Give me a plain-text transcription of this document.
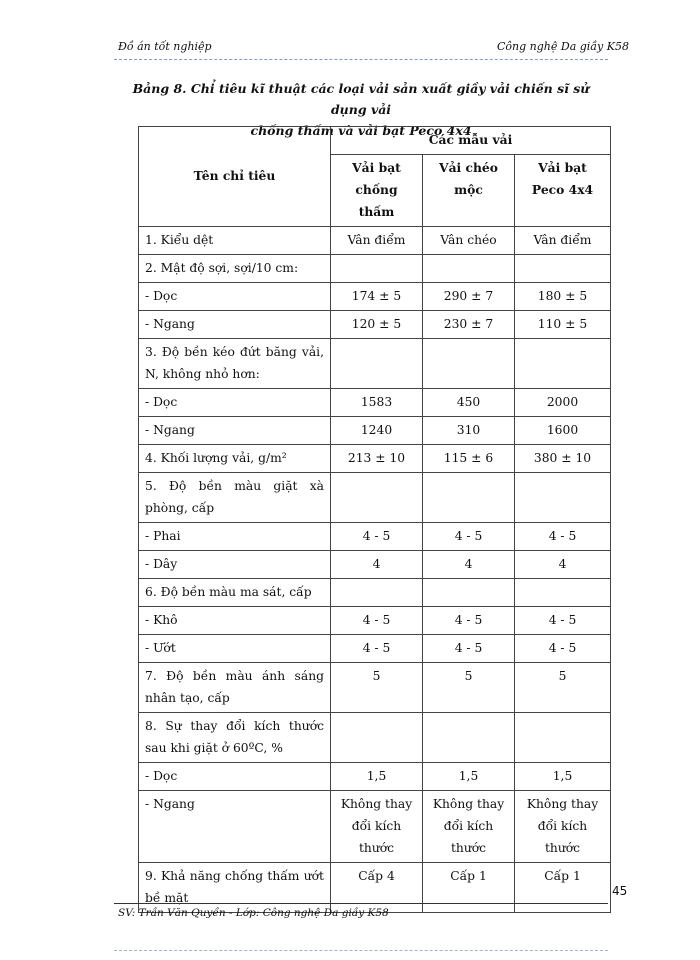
Đồ án tốt nghiệp	Công nghệ Da giầy K58
Bảng 8. Chỉ tiêu kĩ thuật các loại vải sản xuất giầy vải chiến sĩ sử dụng vải
chống thấm và vải bạt Peco 4x4
Tên chỉ tiêu	Các mẫu vải		
	Vải bạt chống thấm	Vải chéo mộc	Vải bạt Peco 4x4
1. Kiểu dệt	Vân điểm	Vân chéo	Vân điểm
2. Mật độ sợi, sợi/10 cm:			
- Dọc	174 ± 5	290 ± 7	180 ± 5
- Ngang	120 ± 5	230 ± 7	110 ± 5
3. Độ bền kéo đứt băng vải, N, không nhỏ hơn:			
- Dọc	1583	450	2000
- Ngang	1240	310	1600
4. Khối lượng vải, g/m²	213 ± 10	115 ± 6	380 ± 10
5. Độ bền màu giặt xà phòng, cấp			
- Phai	4 - 5	4 - 5	4 - 5
- Dây	4	4	4
6. Độ bền màu ma sát, cấp			
- Khô	4 - 5	4 - 5	4 - 5
- Ướt	4 - 5	4 - 5	4 - 5
7. Độ bền màu ánh sáng nhân tạo, cấp	5	5	5
8. Sự thay đổi kích thước sau khi giặt ở 60ºC, %			
- Dọc	1,5	1,5	1,5
- Ngang	Không thay đổi kích thước	Không thay đổi kích thước	Không thay đổi kích thước
9. Khả năng chống thấm ướt bề mặt	Cấp 4	Cấp 1	Cấp 1
45
SV: Trần Văn Quyền - Lớp: Công nghệ Da giầy K58
